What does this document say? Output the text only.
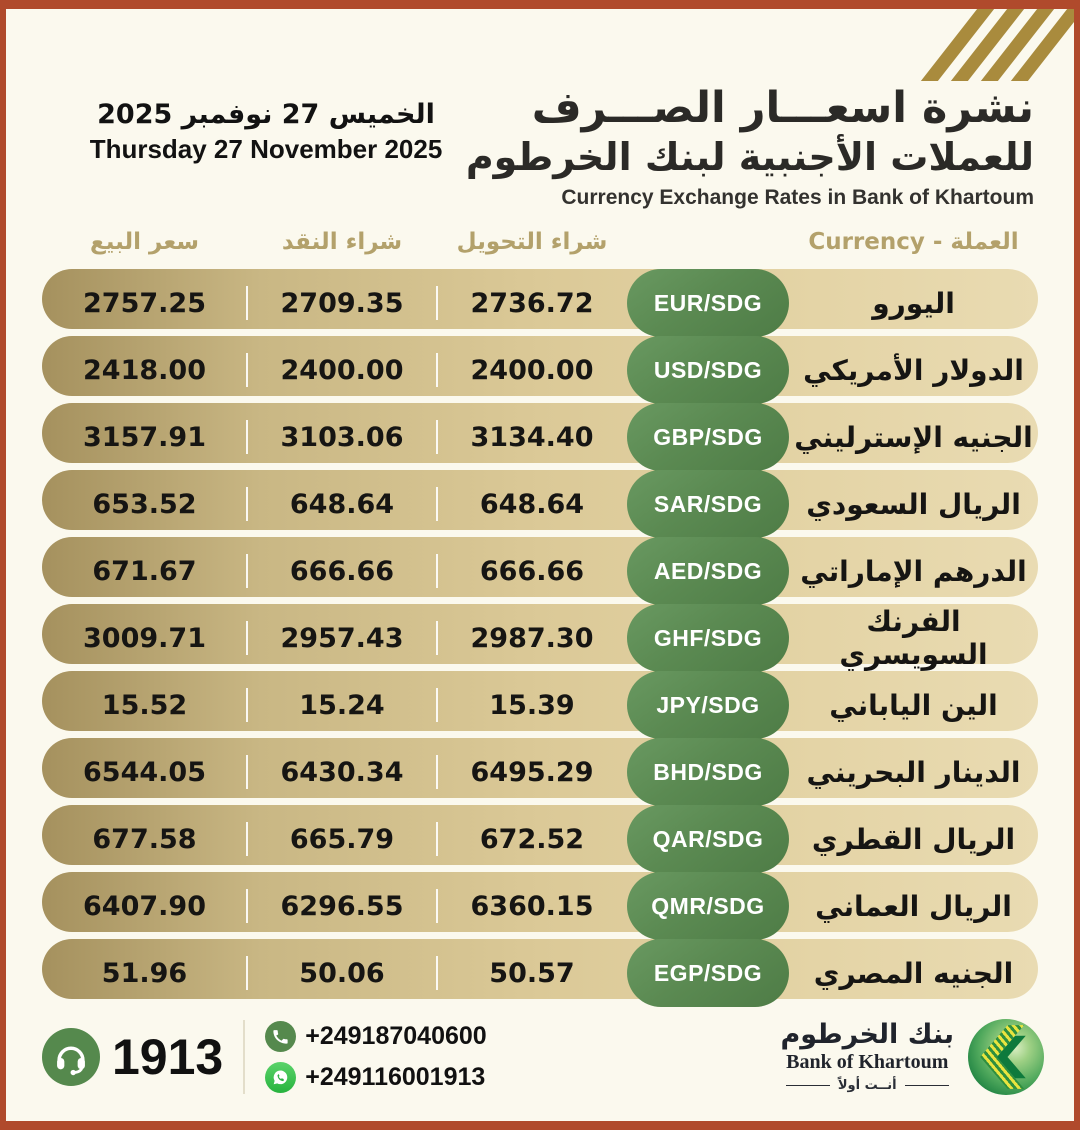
نشرة اسعـــار الصـــرف
للعملات الأجنبية لبنك الخرطوم
Currency Exchange Rates in Bank of Khartoum
الخميس 27 نوفمبر 2025
Thursday 27 November 2025
سعر البيع	شراء النقد	شراء التحويل	العملة - Currency
2757.25	2709.35	2736.72	EUR/SDG	اليورو
2418.00	2400.00	2400.00	USD/SDG	الدولار الأمريكي
3157.91	3103.06	3134.40	GBP/SDG	الجنيه الإسترليني
653.52	648.64	648.64	SAR/SDG	الريال السعودي
671.67	666.66	666.66	AED/SDG	الدرهم الإماراتي
3009.71	2957.43	2987.30	GHF/SDG	الفرنك السويسري
15.52	15.24	15.39	JPY/SDG	الين الياباني
6544.05	6430.34	6495.29	BHD/SDG	الدينار البحريني
677.58	665.79	672.52	QAR/SDG	الريال القطري
6407.90	6296.55	6360.15	QMR/SDG	الريال العماني
51.96	50.06	50.57	EGP/SDG	الجنيه المصري
1913	+249187040600
+249116001913
بنك الخرطوم
Bank of Khartoum
أنــت أولاً
